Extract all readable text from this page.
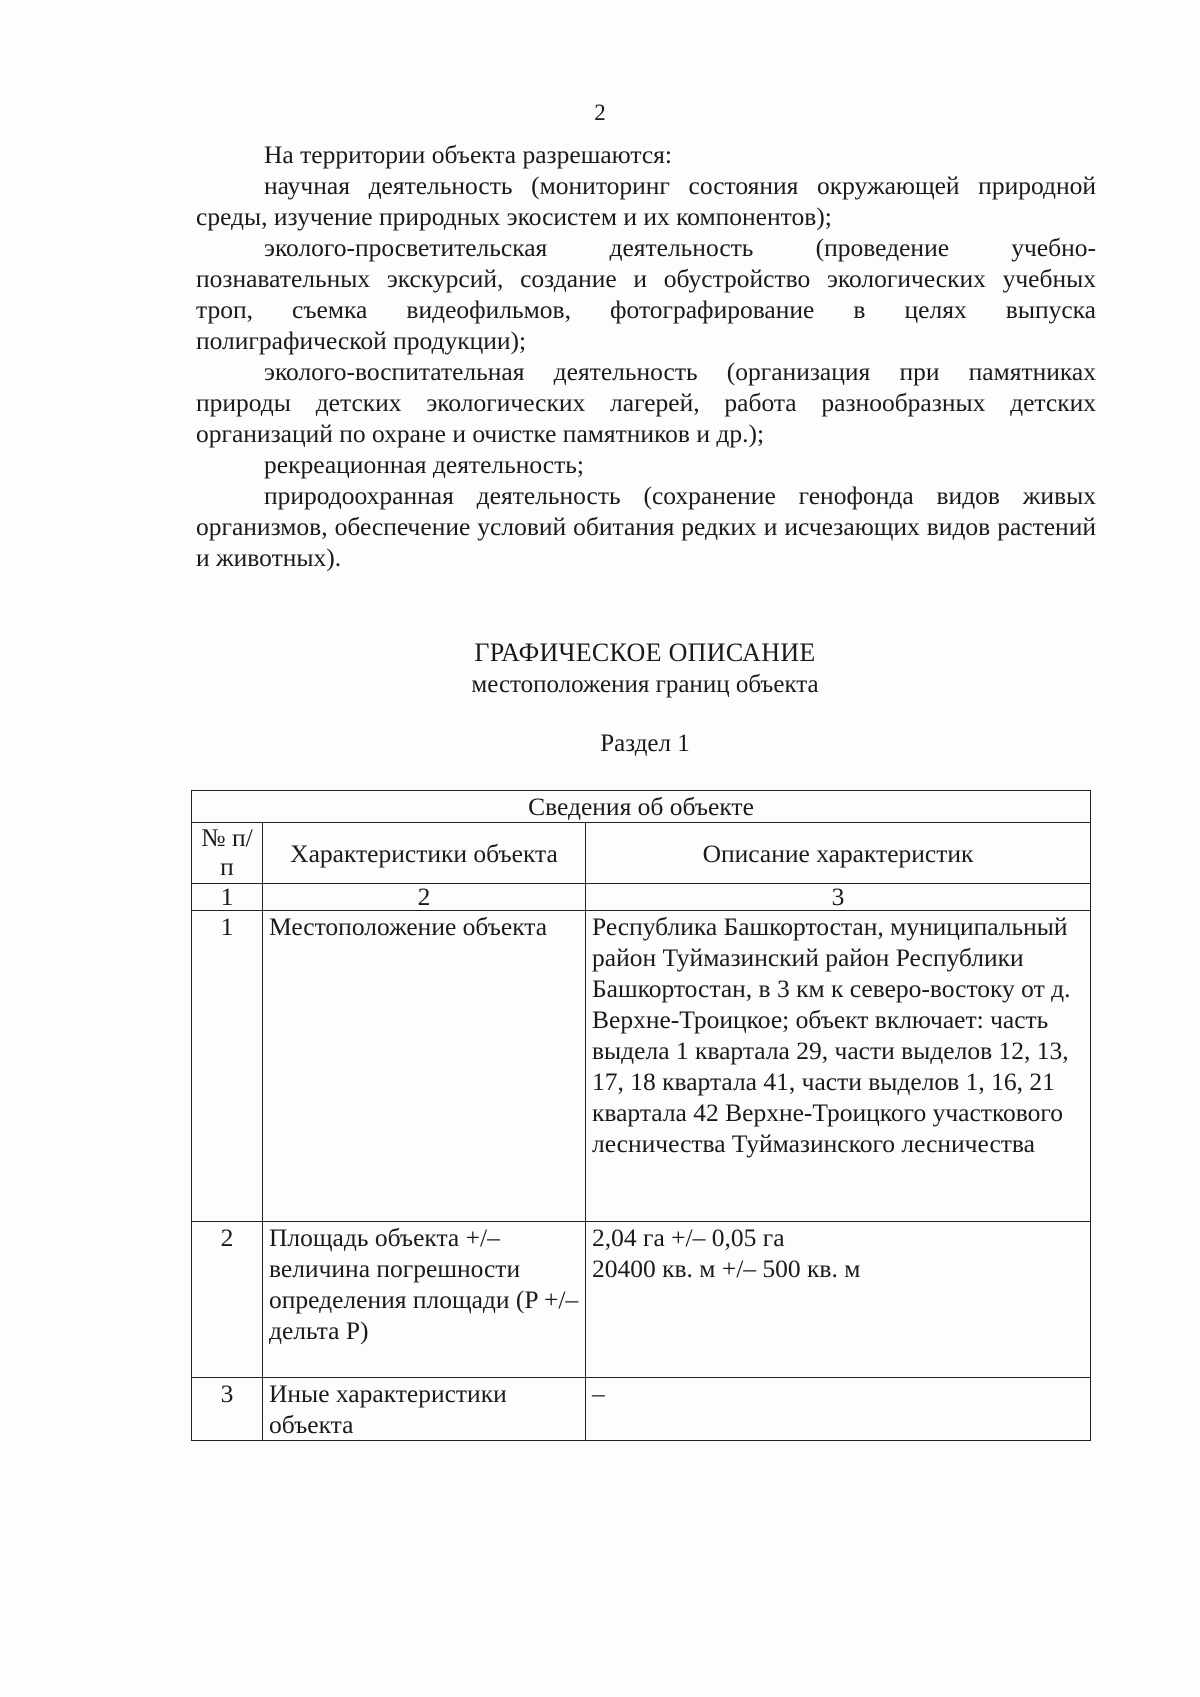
2

На территории объекта разрешаются:

научная деятельность (мониторинг состояния окружающей природной среды, изучение природных экосистем и их компонентов);

эколого-просветительская деятельность (проведение учебно-познавательных экскурсий, создание и обустройство экологических учебных троп, съемка видеофильмов, фотографирование в целях выпуска полиграфической продукции);

эколого-воспитательная деятельность (организация при памятниках природы детских экологических лагерей, работа разнообразных детских организаций по охране и очистке памятников и др.);

рекреационная деятельность;

природоохранная деятельность (сохранение генофонда видов живых организмов, обеспечение условий обитания редких и исчезающих видов растений и животных).

ГРАФИЧЕСКОЕ ОПИСАНИЕ
местоположения границ объекта
Раздел 1
Сведения об объекте		
№ п/п	Характеристики объекта	Описание характеристик
1	2	3
1	Местоположение объекта	Республика Башкортостан, муниципальный район Туймазинский район Республики Башкортостан, в 3 км к северо-востоку от д. Верхне-Троицкое; объект включает: часть выдела 1 квартала 29, части выделов 12, 13, 17, 18 квартала 41, части выделов 1, 16, 21 квартала 42 Верхне-Троицкого участкового лесничества Туймазинского лесничества
2	Площадь объекта +/– величина погрешности определения площади (P +/– дельта P)	2,04 га +/– 0,05 га
20400 кв. м +/– 500 кв. м

3	Иные характеристики объекта	–
